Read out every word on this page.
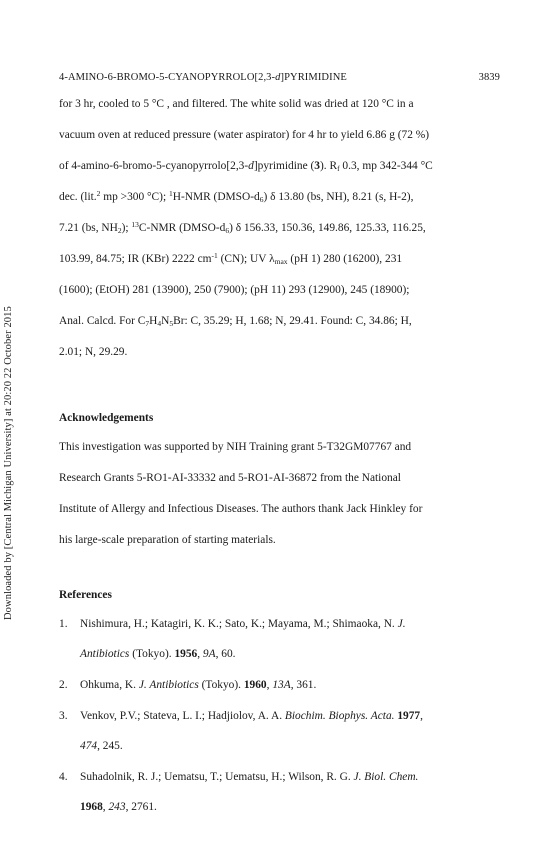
Downloaded by [Central Michigan University] at 20:20 22 October 2015
4-AMINO-6-BROMO-5-CYANOPYRROLO[2,3-d]PYRIMIDINE	3839
for 3 hr, cooled to 5 °C , and filtered. The white solid was dried at 120 °C in a
vacuum oven at reduced pressure (water aspirator) for 4 hr to yield 6.86 g (72 %)
of 4-amino-6-bromo-5-cyanopyrrolo[2,3-d]pyrimidine (3). $R_f$ 0.3, mp 342-344 °C
dec. (lit.$^2$ mp >300 °C); $^1$H-NMR $(DMSO-d_6)$ δ 13.80 (bs, NH), 8.21 (s, H-2),
7.21 (bs, $NH_2$); $^{13}$C-NMR $(DMSO-d_6)$ δ 156.33, 150.36, 149.86, 125.33, 116.25,
103.99, 84.75; IR (KBr) 2222 $cm^{-1}$ (CN); UV $\lambda_{max}$ (pH 1) 280 (16200), 231
(1600); (EtOH) 281 (13900), 250 (7900); (pH 11) 293 (12900), 245 (18900);
Anal. Calcd. For $C_7H_4N_5Br$: C, 35.29; H, 1.68; N, 29.41. Found: C, 34.86; H,
2.01; N, 29.29.
Acknowledgements
This investigation was supported by NIH Training grant 5-T32GM07767 and
Research Grants 5-RO1-AI-33332 and 5-RO1-AI-36872 from the National
Institute of Allergy and Infectious Diseases. The authors thank Jack Hinkley for
his large-scale preparation of starting materials.
References
1. Nishimura, H.; Katagiri, K. K.; Sato, K.; Mayama, M.; Shimaoka, N. J.
Antibiotics (Tokyo). 1956, 9A, 60.
2. Ohkuma, K. J. Antibiotics (Tokyo). 1960, 13A, 361.
3. Venkov, P.V.; Stateva, L. I.; Hadjiolov, A. A. Biochim. Biophys. Acta. 1977,
474, 245.
4. Suhadolnik, R. J.; Uematsu, T.; Uematsu, H.; Wilson, R. G. J. Biol. Chem.
1968, 243, 2761.
